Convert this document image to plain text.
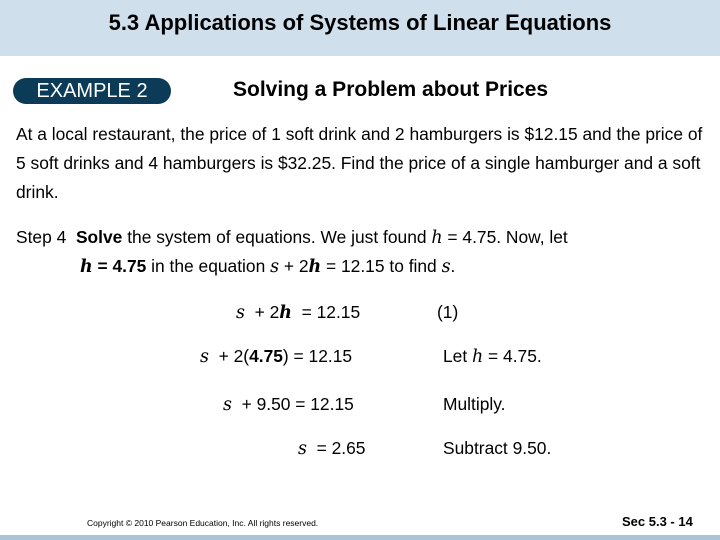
5.3 Applications of Systems of Linear Equations
EXAMPLE 2	Solving a Problem about Prices
At a local restaurant, the price of 1 soft drink and 2 hamburgers is $12.15 and the price of 5 soft drinks and 4 hamburgers is $32.25. Find the price of a single hamburger and a soft drink.
Step 4 Solve the system of equations. We just found h = 4.75. Now, let
h = 4.75 in the equation s + 2h = 12.15 to find s.
s + 2h = 12.15	(1)
s + 2(4.75) = 12.15	Let h = 4.75.
s + 9.50 = 12.15	Multiply.
s = 2.65	Subtract 9.50.
Copyright © 2010 Pearson Education, Inc. All rights reserved.	Sec 5.3 - 14
